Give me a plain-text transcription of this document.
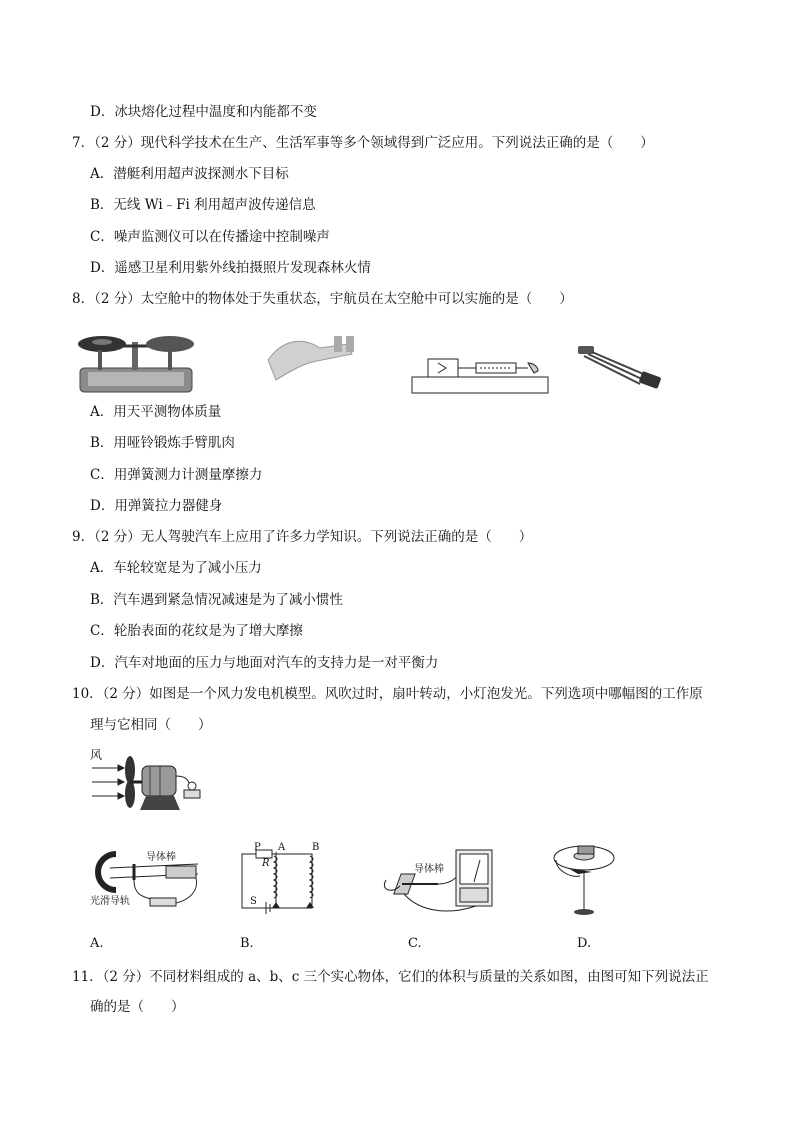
D．冰块熔化过程中温度和内能都不变
7．（2 分）现代科学技术在生产、生活军事等多个领域得到广泛应用。下列说法正确的是（　　）
A．潜艇利用超声波探测水下目标
B．无线 Wi﹣Fi 利用超声波传递信息
C．噪声监测仪可以在传播途中控制噪声
D．遥感卫星利用紫外线拍摄照片发现森林火情
8．（2 分）太空舱中的物体处于失重状态，宇航员在太空舱中可以实施的是（　　）
A．用天平测物体质量
B．用哑铃锻炼手臂肌肉
C．用弹簧测力计测量摩擦力
D．用弹簧拉力器健身
9．（2 分）无人驾驶汽车上应用了许多力学知识。下列说法正确的是（　　）
A．车轮较宽是为了减小压力
B．汽车遇到紧急情况减速是为了减小惯性
C．轮胎表面的花纹是为了增大摩擦
D．汽车对地面的压力与地面对汽车的支持力是一对平衡力
10．（2 分）如图是一个风力发电机模型。风吹过时，扇叶转动，小灯泡发光。下列选项中哪幅图的工作原
理与它相同（　　）
风
导体棒
光滑导轨
P
R
S
A	B
导体棒
A.	B.	C.	D.
11．（2 分）不同材料组成的 a、b、c 三个实心物体，它们的体积与质量的关系如图，由图可知下列说法正
确的是（　　）
